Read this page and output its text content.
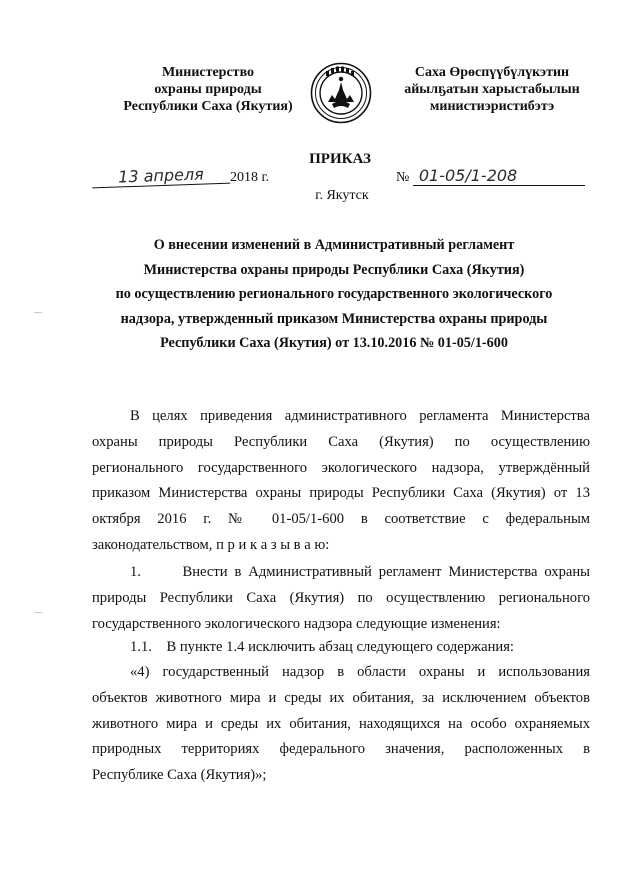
Министерство
охраны природы
Республики Саха (Якутия)
Саха Өрөспүүбүлүкэтин
айылҕатын харыстабылын
министиэристибэтэ
ПРИКАЗ
13 апреля 2018 г.	№ 01-05/1-208
г. Якутск
О внесении изменений в Административный регламент
Министерства охраны природы Республики Саха (Якутия)
по осуществлению регионального государственного экологического
надзора, утвержденный приказом Министерства охраны природы
Республики Саха (Якутия) от 13.10.2016 № 01-05/1-600
В целях приведения административного регламента Министерства
охраны природы Республики Саха (Якутия) по осуществлению
регионального государственного экологического надзора, утверждённый
приказом Министерства охраны природы Республики Саха (Якутия) от 13
октября 2016 г. № 01-05/1-600 в соответствие с федеральным
законодательством, п р и к а з ы в а ю:
1.      Внести в Административный регламент Министерства охраны
природы Республики Саха (Якутия) по осуществлению регионального
государственного экологического надзора следующие изменения:
1.1.    В пункте 1.4 исключить абзац следующего содержания:
«4) государственный надзор в области охраны и использования
объектов животного мира и среды их обитания, за исключением объектов
животного мира и среды их обитания, находящихся на особо охраняемых
природных территориях федерального значения, расположенных в
Республике Саха (Якутия)»;
